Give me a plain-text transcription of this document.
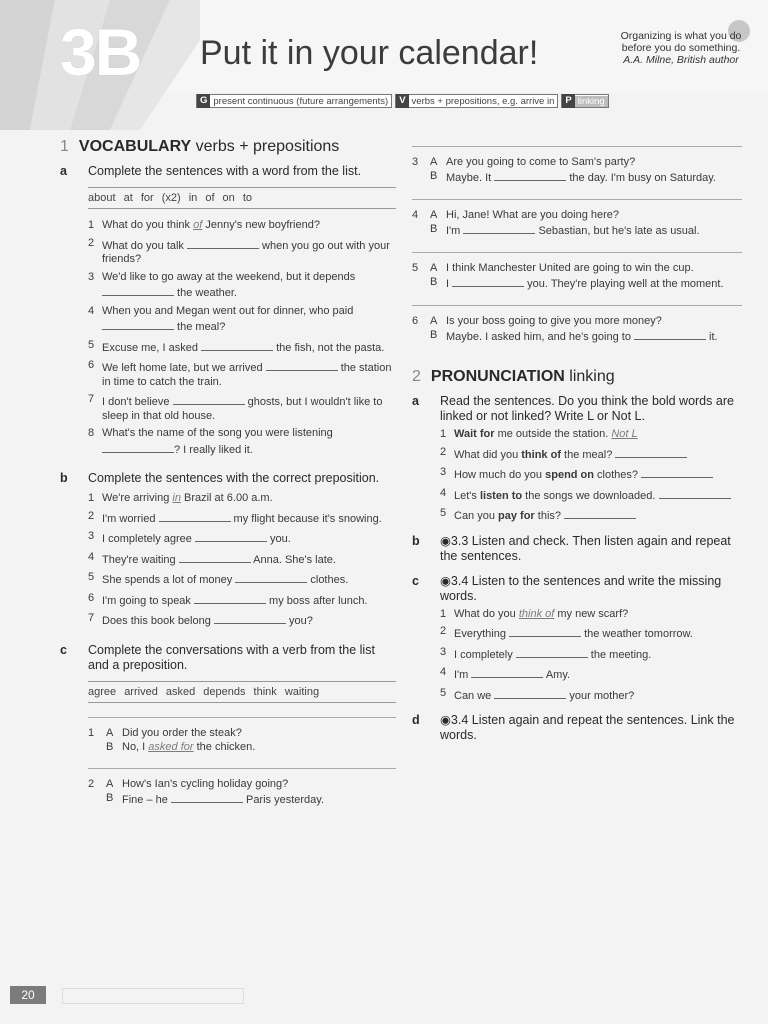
3B Put it in your calendar!	Organizing is what you do
before you do something.
A.A. Milne, British author
G present continuous (future arrangements)	V verbs + prepositions, e.g. arrive in	P linking
1 VOCABULARY verbs + prepositions
a	Complete the sentences with a word from the list.
about at for (x2) in of on to
1 What do you think of Jenny's new boyfriend?
2 What do you talk	when you go out with your friends?
3 We'd like to go away at the weekend, but it depends  the weather.
4 When you and Megan went out for dinner, who paid  the meal?
5 Excuse me, I asked	the fish, not the pasta.
6 We left home late, but we arrived	the station in time to catch the train.
7 I don't believe	ghosts, but I wouldn't like to sleep in that old house.
8 What's the name of the song you were listening ? I really liked it.
b	Complete the sentences with the correct preposition.
1 We're arriving in Brazil at 6.00 a.m.
2 I'm worried	my flight because it's snowing.
3 I completely agree	you.
4 They're waiting	Anna. She's late.
5 She spends a lot of money	clothes.
6 I'm going to speak	my boss after lunch.
7 Does this book belong	you?
c	Complete the conversations with a verb from the list and a preposition.
agree arrived asked depends think waiting
1	A Did you order the steak?
B No, I asked for the chicken.
2	A How's Ian's cycling holiday going?
B Fine – he	Paris yesterday.
3	A Are you going to come to Sam's party?
B Maybe. It	the day. I'm busy on Saturday.
4	A Hi, Jane! What are you doing here?
B I'm	Sebastian, but he's late as usual.
5	A I think Manchester United are going to win the cup.
B I	you. They're playing well at the moment.
6	A Is your boss going to give you more money?
B Maybe. I asked him, and he's going to	it.
2 PRONUNCIATION linking
a	Read the sentences. Do you think the bold words are linked or not linked? Write L or Not L.
1 Wait for me outside the station. Not L
2 What did you think of the meal?
3 How much do you spend on clothes?
4 Let's listen to the songs we downloaded.
5 Can you pay for this?
b	◉3.3 Listen and check. Then listen again and repeat the sentences.
c	◉3.4 Listen to the sentences and write the missing words.
1 What do you think of my new scarf?
2 Everything	the weather tomorrow.
3 I completely	the meeting.
4 I'm	Amy.
5 Can we	your mother?
d	◉3.4 Listen again and repeat the sentences. Link the words.
20
